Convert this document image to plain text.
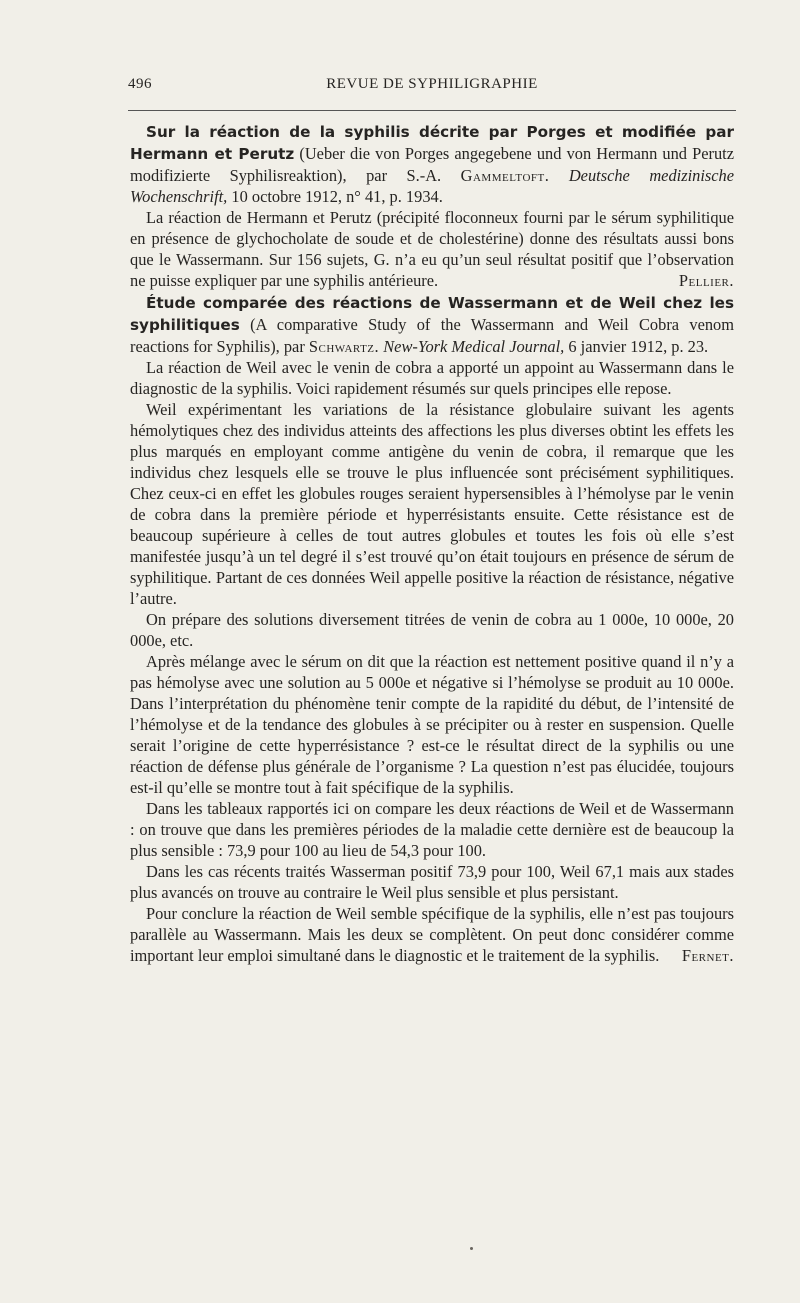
496	REVUE DE SYPHILIGRAPHIE

Sur la réaction de la syphilis décrite par Porges et modifiée par Hermann et Perutz (Ueber die von Porges angegebene und von Hermann und Perutz modifizierte Syphilisreaktion), par S.-A. Gammeltoft. Deutsche medizinische Wochenschrift, 10 octobre 1912, n° 41, p. 1934.

La réaction de Hermann et Perutz (précipité floconneux fourni par le sérum syphilitique en présence de glychocholate de soude et de cholestérine) donne des résultats aussi bons que le Wassermann. Sur 156 sujets, G. n’a eu qu’un seul résultat positif que l’observation ne puisse expliquer par une syphilis antérieure.	Pellier.

Étude comparée des réactions de Wassermann et de Weil chez les syphilitiques (A comparative Study of the Wassermann and Weil Cobra venom reactions for Syphilis), par Schwartz. New-York Medical Journal, 6 janvier 1912, p. 23.

La réaction de Weil avec le venin de cobra a apporté un appoint au Wassermann dans le diagnostic de la syphilis. Voici rapidement résumés sur quels principes elle repose.

Weil expérimentant les variations de la résistance globulaire suivant les agents hémolytiques chez des individus atteints des affections les plus diverses obtint les effets les plus marqués en employant comme antigène du venin de cobra, il remarque que les individus chez lesquels elle se trouve le plus influencée sont précisément syphilitiques. Chez ceux-ci en effet les globules rouges seraient hypersensibles à l’hémolyse par le venin de cobra dans la première période et hyperrésistants ensuite. Cette résistance est de beaucoup supérieure à celles de tout autres globules et toutes les fois où elle s’est manifestée jusqu’à un tel degré il s’est trouvé qu’on était toujours en présence de sérum de syphilitique. Partant de ces données Weil appelle positive la réaction de résistance, négative l’autre.

On prépare des solutions diversement titrées de venin de cobra au 1 000e, 10 000e, 20 000e, etc.

Après mélange avec le sérum on dit que la réaction est nettement positive quand il n’y a pas hémolyse avec une solution au 5 000e et négative si l’hémolyse se produit au 10 000e. Dans l’interprétation du phénomène tenir compte de la rapidité du début, de l’intensité de l’hémolyse et de la tendance des globules à se précipiter ou à rester en suspension. Quelle serait l’origine de cette hyperrésistance ? est-ce le résultat direct de la syphilis ou une réaction de défense plus générale de l’organisme ? La question n’est pas élucidée, toujours est-il qu’elle se montre tout à fait spécifique de la syphilis.

Dans les tableaux rapportés ici on compare les deux réactions de Weil et de Wassermann : on trouve que dans les premières périodes de la maladie cette dernière est de beaucoup la plus sensible : 73,9 pour 100 au lieu de 54,3 pour 100.

Dans les cas récents traités Wasserman positif 73,9 pour 100, Weil 67,1 mais aux stades plus avancés on trouve au contraire le Weil plus sensible et plus persistant.

Pour conclure la réaction de Weil semble spécifique de la syphilis, elle n’est pas toujours parallèle au Wassermann. Mais les deux se complètent. On peut donc considérer comme important leur emploi simultané dans le diagnostic et le traitement de la syphilis.	Fernet.
